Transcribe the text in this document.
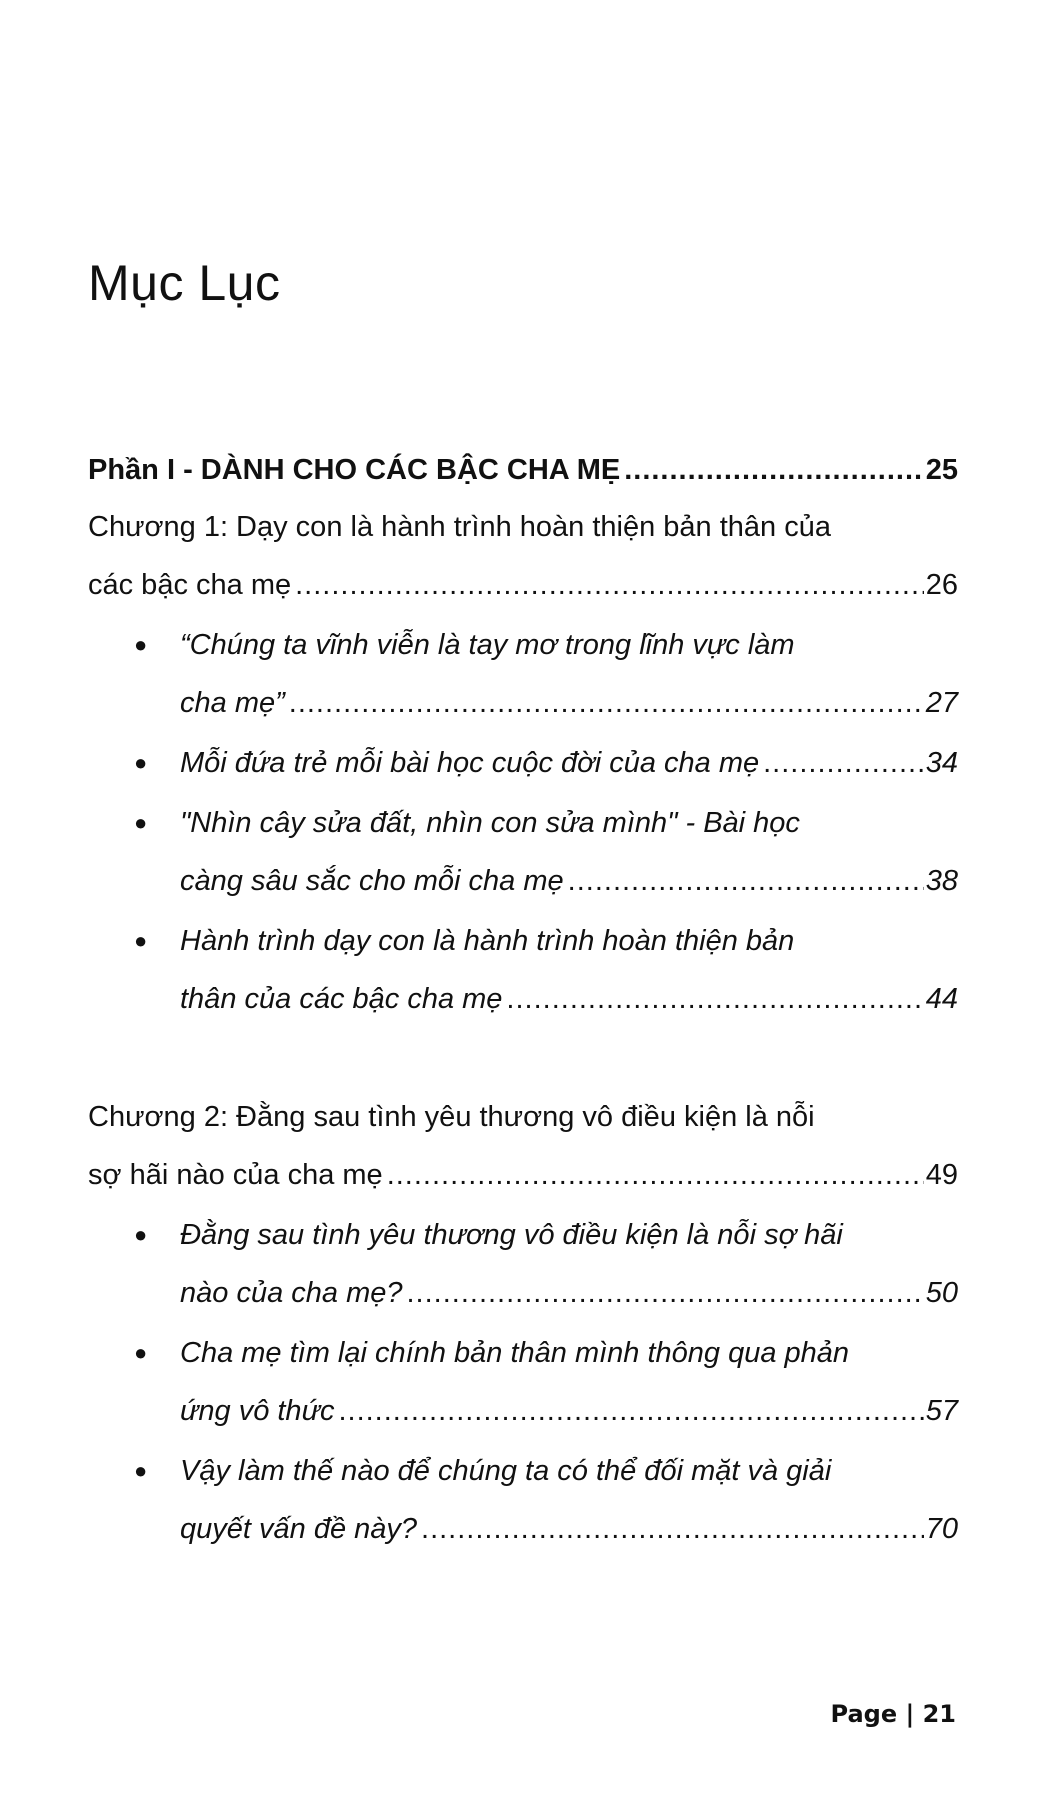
Mục Lục
Phần I - DÀNH CHO CÁC BẬC CHA MẸ .....	25
Chương 1: Dạy con là hành trình hoàn thiện bản thân của
các bậc cha mẹ .....	26
● “Chúng ta vĩnh viễn là tay mơ trong lĩnh vực làm
cha mẹ” .....	27
● Mỗi đứa trẻ mỗi bài học cuộc đời của cha mẹ .....	34
● "Nhìn cây sửa đất, nhìn con sửa mình" - Bài học
càng sâu sắc cho mỗi cha mẹ .....	38
● Hành trình dạy con là hành trình hoàn thiện bản
thân của các bậc cha mẹ .....	44
Chương 2: Đằng sau tình yêu thương vô điều kiện là nỗi
sợ hãi nào của cha mẹ .....	49
● Đằng sau tình yêu thương vô điều kiện là nỗi sợ hãi
nào của cha mẹ? .....	50
● Cha mẹ tìm lại chính bản thân mình thông qua phản
ứng vô thức .....	57
● Vậy làm thế nào để chúng ta có thể đối mặt và giải
quyết vấn đề này? .....	70
Page | 21
